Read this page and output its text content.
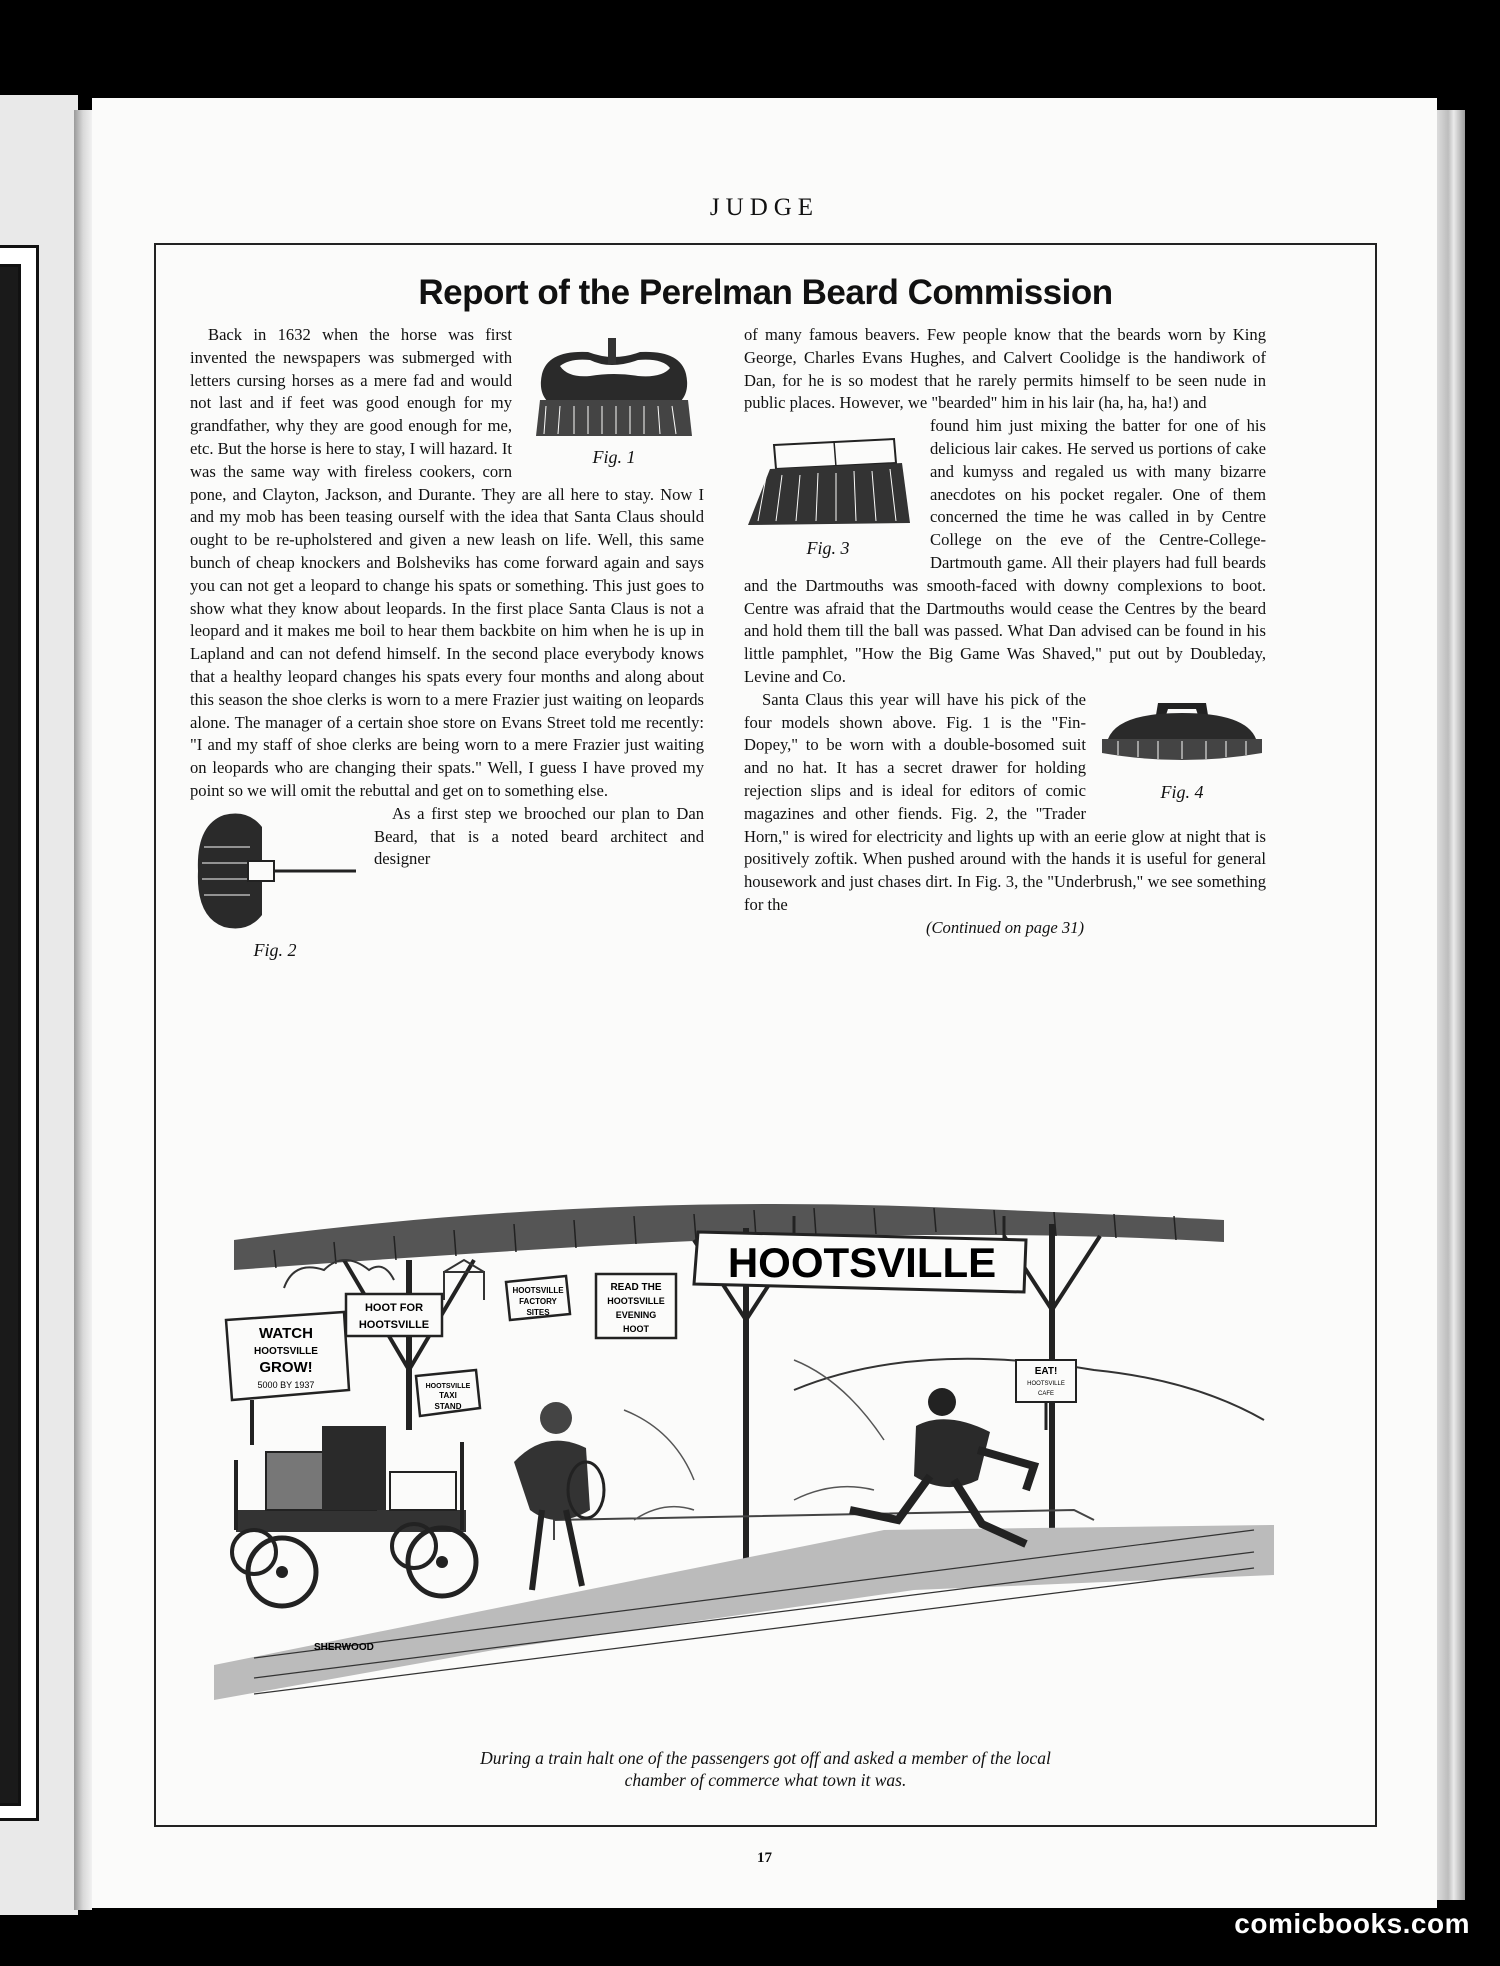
JUDGE
Report of the Perelman Beard Commission
Fig. 1

Back in 1632 when the horse was first invented the newspapers was submerged with letters cursing horses as a mere fad and would not last and if feet was good enough for my grandfather, why they are good enough for me, etc. But the horse is here to stay, I will hazard. It was the same way with fireless cookers, corn pone, and Clayton, Jackson, and Durante. They are all here to stay. Now I and my mob has been teasing ourself with the idea that Santa Claus should ought to be re-upholstered and given a new leash on life. Well, this same bunch of cheap knockers and Bolsheviks has come forward again and says you can not get a leopard to change his spats or something. This just goes to show what they know about leopards. In the first place Santa Claus is not a leopard and it makes me boil to hear them backbite on him when he is up in Lapland and can not defend himself. In the second place everybody knows that a healthy leopard changes his spats every four months and along about this season the shoe clerks is worn to a mere Frazier just waiting on leopards alone. The manager of a certain shoe store on Evans Street told me recently: "I and my staff of shoe clerks are being worn to a mere Frazier just waiting on leopards who are changing their spats." Well, I guess I have proved my point so we will omit the rebuttal and get on to something else.

Fig. 2

As a first step we brooched our plan to Dan Beard, that is a noted beard architect and designer

of many famous beavers. Few people know that the beards worn by King George, Charles Evans Hughes, and Calvert Coolidge is the handiwork of Dan, for he is so modest that he rarely permits himself to be seen nude in public places. However, we "bearded" him in his lair (ha, ha, ha!) and

Fig. 3

found him just mixing the batter for one of his delicious lair cakes. He served us portions of cake and kumyss and regaled us with many bizarre anecdotes on his pocket regaler. One of them concerned the time he was called in by Centre College on the eve of the Centre-College-Dartmouth game. All their players had full beards and the Dartmouths was smooth-faced with downy complexions to boot. Centre was afraid that the Dartmouths would cease the Centres by the beard and hold them till the ball was passed. What Dan advised can be found in his little pamphlet, "How the Big Game Was Shaved," put out by Doubleday, Levine and Co.

Fig. 4

Santa Claus this year will have his pick of the four models shown above. Fig. 1 is the "Fin-Dopey," to be worn with a double-bosomed suit and no hat. It has a secret drawer for holding rejection slips and is ideal for editors of comic magazines and other fiends. Fig. 2, the "Trader Horn," is wired for electricity and lights up with an eerie glow at night that is positively zoftik. When pushed around with the hands it is useful for general housework and just chases dirt. In Fig. 3, the "Underbrush," we see something for the

(Continued on page 31)
WATCH
HOOTSVILLE
GROW!
5000 BY 1937
HOOT FOR
HOOTSVILLE
HOOTSVILLE
TAXI
STAND
HOOTSVILLE
FACTORY
SITES
READ THE
HOOTSVILLE
EVENING
HOOT
HOOTSVILLE
EAT!
HOOTSVILLE
CAFE
SHERWOOD
During a train halt one of the passengers got off and asked a member of the local
chamber of commerce what town it was.
17
comicbooks.com
